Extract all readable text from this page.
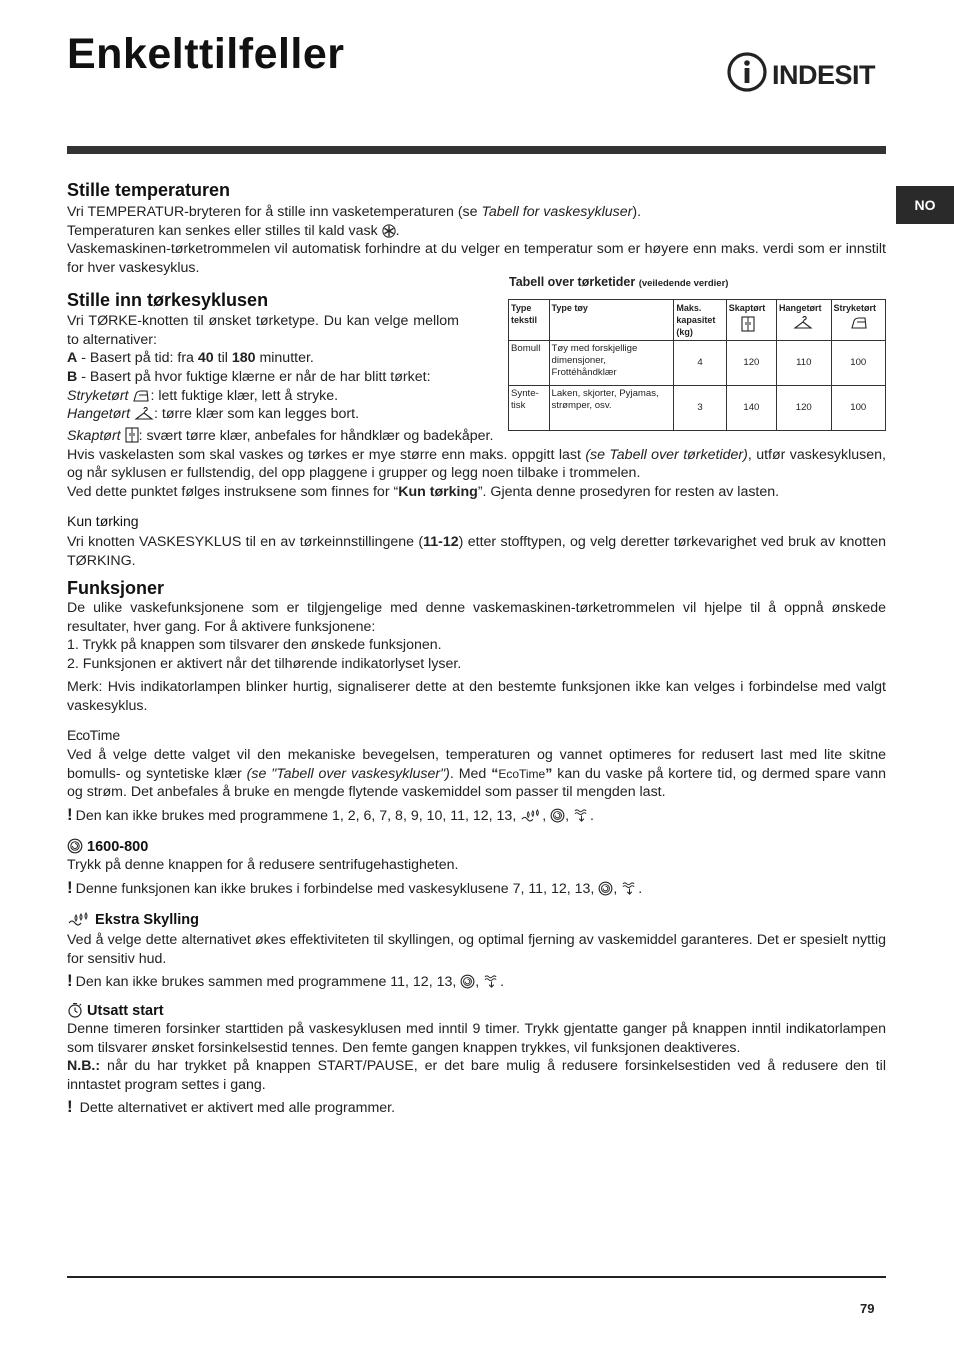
Enkelttilfeller	INDESIT
NO
Stille temperaturen

Vri TEMPERATUR-bryteren for å stille inn vasketemperaturen (se Tabell for vaskesykluser).

Temperaturen kan senkes eller stilles til kald vask .

Vaskemaskinen-tørketrommelen vil automatisk forhindre at du velger en temperatur som er høyere enn maks. verdi som er innstilt for hver vaskesyklus.

Tabell over tørketider (veiledende verdier)

Type tekstil	Type tøy	Maks. kapasitet (kg)	Skaptørt	Hangetørt	Stryketørt

Bomull	Tøy med forskjellige dimensjoner, Frottéhåndklær	4	120	110	100
Synte-tisk	Laken, skjorter, Pyjamas, strømper, osv.	3	140	120	100
Stille inn tørkesyklusen

Vri TØRKE-knotten til ønsket tørketype. Du kan velge mellom to alternativer:

A - Basert på tid: fra 40 til 180 minutter.

B - Basert på hvor fuktige klærne er når de har blitt tørket:

Stryketørt : lett fuktige klær, lett å stryke.

Hangetørt : tørre klær som kan legges bort.

Skaptørt : svært tørre klær, anbefales for håndklær og badekåper.

Hvis vaskelasten som skal vaskes og tørkes er mye større enn maks. oppgitt last (se Tabell over tørketider), utfør vaskesyklusen, og når syklusen er fullstendig, del opp plaggene i grupper og legg noen tilbake i trommelen.

Ved dette punktet følges instruksene som finnes for “Kun tørking”. Gjenta denne prosedyren for resten av lasten.

Kun tørking

Vri knotten VASKESYKLUS til en av tørkeinnstillingene (11-12) etter stofftypen, og velg deretter tørkevarighet ved bruk av knotten TØRKING.

Funksjoner

De ulike vaskefunksjonene som er tilgjengelige med denne vaskemaskinen-tørketrommelen vil hjelpe til å oppnå ønskede resultater, hver gang. For å aktivere funksjonene:

1. Trykk på knappen som tilsvarer den ønskede funksjonen.

2. Funksjonen er aktivert når det tilhørende indikatorlyset lyser.

Merk: Hvis indikatorlampen blinker hurtig, signaliserer dette at den bestemte funksjonen ikke kan velges i forbindelse med valgt vaskesyklus.

EcoTime

Ved å velge dette valget vil den mekaniske bevegelsen, temperaturen og vannet optimeres for redusert last med lite skitne bomulls- og syntetiske klær (se "Tabell over vaskesykluser"). Med “EcoTime” kan du vaske på kortere tid, og dermed spare vann og strøm. Det anbefales å bruke en mengde flytende vaskemiddel som passer til mengden last.

! Den kan ikke brukes med programmene 1, 2, 6, 7, 8, 9, 10, 11, 12, 13, , , .

1600-800

Trykk på denne knappen for å redusere sentrifugehastigheten.

! Denne funksjonen kan ikke brukes i forbindelse med vaskesyklusene 7, 11, 12, 13, , .

Ekstra Skylling

Ved å velge dette alternativet økes effektiviteten til skyllingen, og optimal fjerning av vaskemiddel garanteres. Det er spesielt nyttig for sensitiv hud.

! Den kan ikke brukes sammen med programmene 11, 12, 13, , .

Utsatt start

Denne timeren forsinker starttiden på vaskesyklusen med inntil 9 timer. Trykk gjentatte ganger på knappen inntil indikatorlampen som tilsvarer ønsket forsinkelsestid tennes. Den femte gangen knappen trykkes, vil funksjonen deaktiveres.

N.B.: når du har trykket på knappen START/PAUSE, er det bare mulig å redusere forsinkelsestiden ved å redusere den til inntastet program settes i gang.

! Dette alternativet er aktivert med alle programmer.

79
